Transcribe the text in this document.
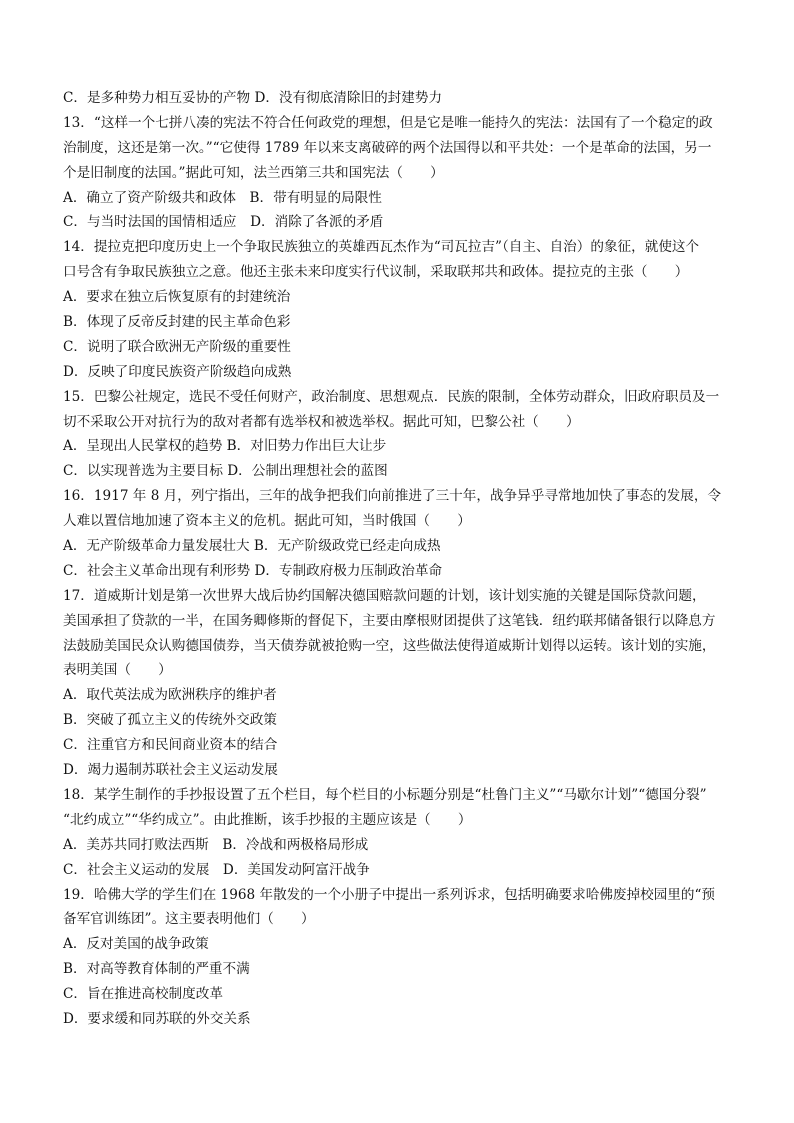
C．是多种势力相互妥协的产物 D．没有彻底清除旧的封建势力
13．“这样一个七拼八凑的宪法不符合任何政党的理想，但是它是唯一能持久的宪法：法国有了一个稳定的政
治制度，这还是第一次。”“它使得 1789 年以来支离破碎的两个法国得以和平共处：一个是革命的法国，另一
个是旧制度的法国。”据此可知，法兰西第三共和国宪法（　　）
A．确立了资产阶级共和政体　B．带有明显的局限性
C．与当时法国的国情相适应　D．消除了各派的矛盾
14．提拉克把印度历史上一个争取民族独立的英雄西瓦杰作为“司瓦拉吉”（自主、自治）的象征，就使这个
口号含有争取民族独立之意。他还主张未来印度实行代议制，采取联邦共和政体。提拉克的主张（　　）
A．要求在独立后恢复原有的封建统治
B．体现了反帝反封建的民主革命色彩
C．说明了联合欧洲无产阶级的重要性
D．反映了印度民族资产阶级趋向成熟
15．巴黎公社规定，选民不受任何财产，政治制度、思想观点．民族的限制，全体劳动群众，旧政府职员及一
切不采取公开对抗行为的敌对者都有选举权和被选举权。据此可知，巴黎公社（　　）
A．呈现出人民掌权的趋势 B．对旧势力作出巨大让步
C．以实现普选为主要目标 D．公制出理想社会的蓝图
16．1917 年 8 月，列宁指出，三年的战争把我们向前推进了三十年，战争异乎寻常地加快了事态的发展，令
人难以置信地加速了资本主义的危机。据此可知，当时俄国（　　）
A．无产阶级革命力量发展壮大 B．无产阶级政党已经走向成热
C．社会主义革命出现有利形势 D．专制政府极力压制政治革命
17．道威斯计划是第一次世界大战后协约国解决德国赔款问题的计划，该计划实施的关键是国际贷款问题，
美国承担了贷款的一半，在国务卿修斯的督促下，主要由摩根财团提供了这笔钱．纽约联邦储备银行以降息方
法鼓励美国民众认购德国债券，当天债券就被抢购一空，这些做法使得道威斯计划得以运转。该计划的实施，
表明美国（　　）
A．取代英法成为欧洲秩序的维护者
B．突破了孤立主义的传统外交政策
C．注重官方和民间商业资本的结合
D．竭力遏制苏联社会主义运动发展
18．某学生制作的手抄报设置了五个栏目，每个栏目的小标题分别是“杜鲁门主义”“马歇尔计划”“德国分裂”
“北约成立”“华约成立”。由此推断，该手抄报的主题应该是（　　）
A．美苏共同打败法西斯　B．冷战和两极格局形成
C．社会主义运动的发展　D．美国发动阿富汗战争
19．哈佛大学的学生们在 1968 年散发的一个小册子中提出一系列诉求，包括明确要求哈佛废掉校园里的“预
备军官训练团”。这主要表明他们（　　）
A．反对美国的战争政策
B．对高等教育体制的严重不满
C．旨在推进高校制度改革
D．要求缓和同苏联的外交关系
